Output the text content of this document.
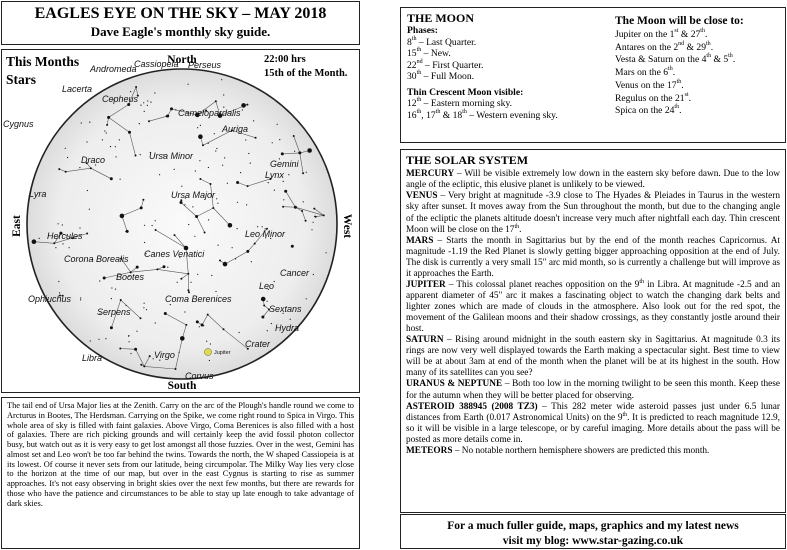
EAGLES EYE ON THE SKY – MAY 2018
Dave Eagle's monthly sky guide.
This Months
Stars
22:00 hrs
15th of the Month.
Andromeda
Cassiopeia Perseus
Lacerta
Cepheus
Camelopardalis
Auriga
Cygnus
Draco	Ursa Minor
Gemini
Lynx
Lyra	Ursa Major
Hercules	Leo Minor
Canes Venatici
Corona Borealis
Bootes	Cancer
Leo
Ophiuchus	Coma Berenices
Serpens	Sextans
Hydra
Virgo
Crater
Libra
Corvus
Jupiter
North
South
East	West
The tail end of Ursa Major lies at the Zenith. Carry on the arc of the Plough's handle round we come to Arcturus in Bootes, The Herdsman. Carrying on the Spike, we come right round to Spica in Virgo. This whole area of sky is filled with faint galaxies. Above Virgo, Coma Berenices is also filled with a host of galaxies. There are rich picking grounds and will certainly keep the avid fossil photon collector busy, but watch out as it is very easy to get lost amongst all those fuzzies. Over in the west, Gemini has almost set and Leo won't be too far behind the twins. Towards the north, the W shaped Cassiopeia is at its lowest. Of course it never sets from our latitude, being circumpolar. The Milky Way lies very close to the horizon at the time of our map, but over in the east Cygnus is starting to rise as summer approaches. It's not easy observing in bright skies over the next few months, but there are rewards for those who have the patience and circumstances to be able to stay up late enough to take advantage of dark skies.
THE MOON
Phases:
8th – Last Quarter.
15th – New.
22nd – First Quarter.
30th – Full Moon.
Thin Crescent Moon visible:
12th – Eastern morning sky.
16th, 17th & 18th – Western evening sky.
The Moon will be close to:
Jupiter on the 1st & 27th.
Antares on the 2nd & 29th.
Vesta & Saturn on the 4th & 5th.
Mars on the 6th.
Venus on the 17th.
Regulus on the 21st.
Spica on the 24th.
THE SOLAR SYSTEM
MERCURY – Will be visible extremely low down in the eastern sky before dawn. Due to the low angle of the ecliptic, this elusive planet is unlikely to be viewed.
VENUS – Very bright at magnitude -3.9 close to The Hyades & Pleiades in Taurus in the western sky after sunset. It moves away from the Sun throughout the month, but due to the changing angle of the ecliptic the planets altitude doesn't increase very much after nightfall each day. Thin crescent Moon will be close on the 17th.
MARS – Starts the month in Sagittarius but by the end of the month reaches Capricornus. At magnitude -1.19 the Red Planet is slowly getting bigger approaching opposition at the end of July. The disk is currently a very small 15" arc mid month, so is currently a challenge but will improve as it approaches the Earth.
JUPITER – This colossal planet reaches opposition on the 9th in Libra. At magnitude -2.5 and an apparent diameter of 45" arc it makes a fascinating object to watch the changing dark belts and lighter zones which are made of clouds in the atmosphere. Also look out for the red spot, the movement of the Galilean moons and their shadow crossings, as they constantly jostle around their host.
SATURN – Rising around midnight in the south eastern sky in Sagittarius. At magnitude 0.3 its rings are now very well displayed towards the Earth making a spectacular sight. Best time to view will be at about 3am at end of the month when the planet will be at its highest in the south. How many of its satellites can you see?
URANUS & NEPTUNE – Both too low in the morning twilight to be seen this month. Keep these for the autumn when they will be better placed for observing.
ASTEROID 388945 (2008 TZ3) – This 282 meter wide asteroid passes just under 6.5 lunar distances from Earth (0.017 Astronomical Units) on the 9th. It is predicted to reach magnitude 12.9, so it will be visible in a large telescope, or by careful imaging. More details about the pass will be posted as more details come in.
METEORS – No notable northern hemisphere showers are predicted this month.
For a much fuller guide, maps, graphics and my latest news
visit my blog: www.star-gazing.co.uk
